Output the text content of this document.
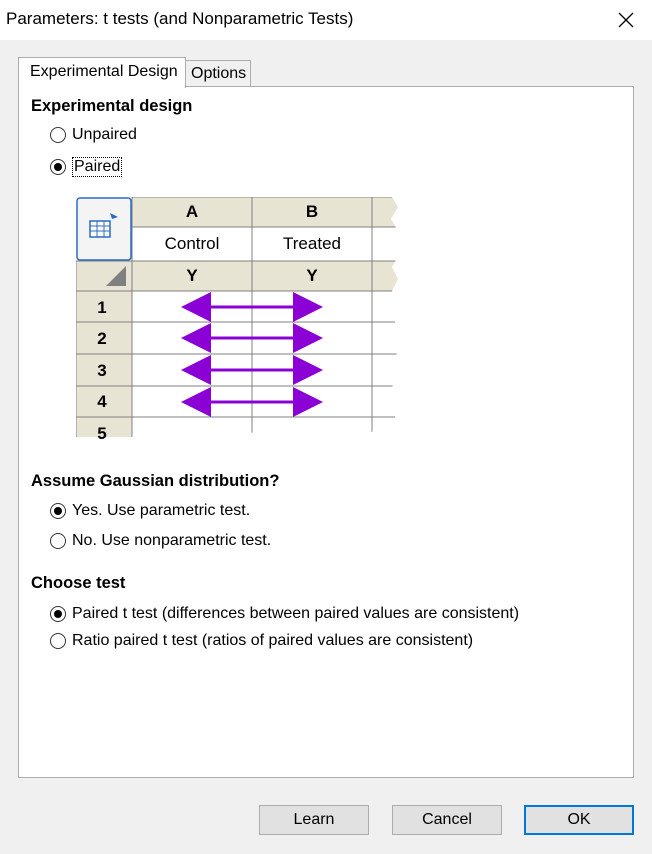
Parameters: t tests (and Nonparametric Tests)
Experimental Design Options
Experimental design
Unpaired
Paired
A	B
Control	Treated
Y	Y
1
2
3
4
5
Assume Gaussian distribution?
Yes. Use parametric test.
No. Use nonparametric test.
Choose test
Paired t test (differences between paired values are consistent)
Ratio paired t test (ratios of paired values are consistent)
Learn	Cancel	OK
